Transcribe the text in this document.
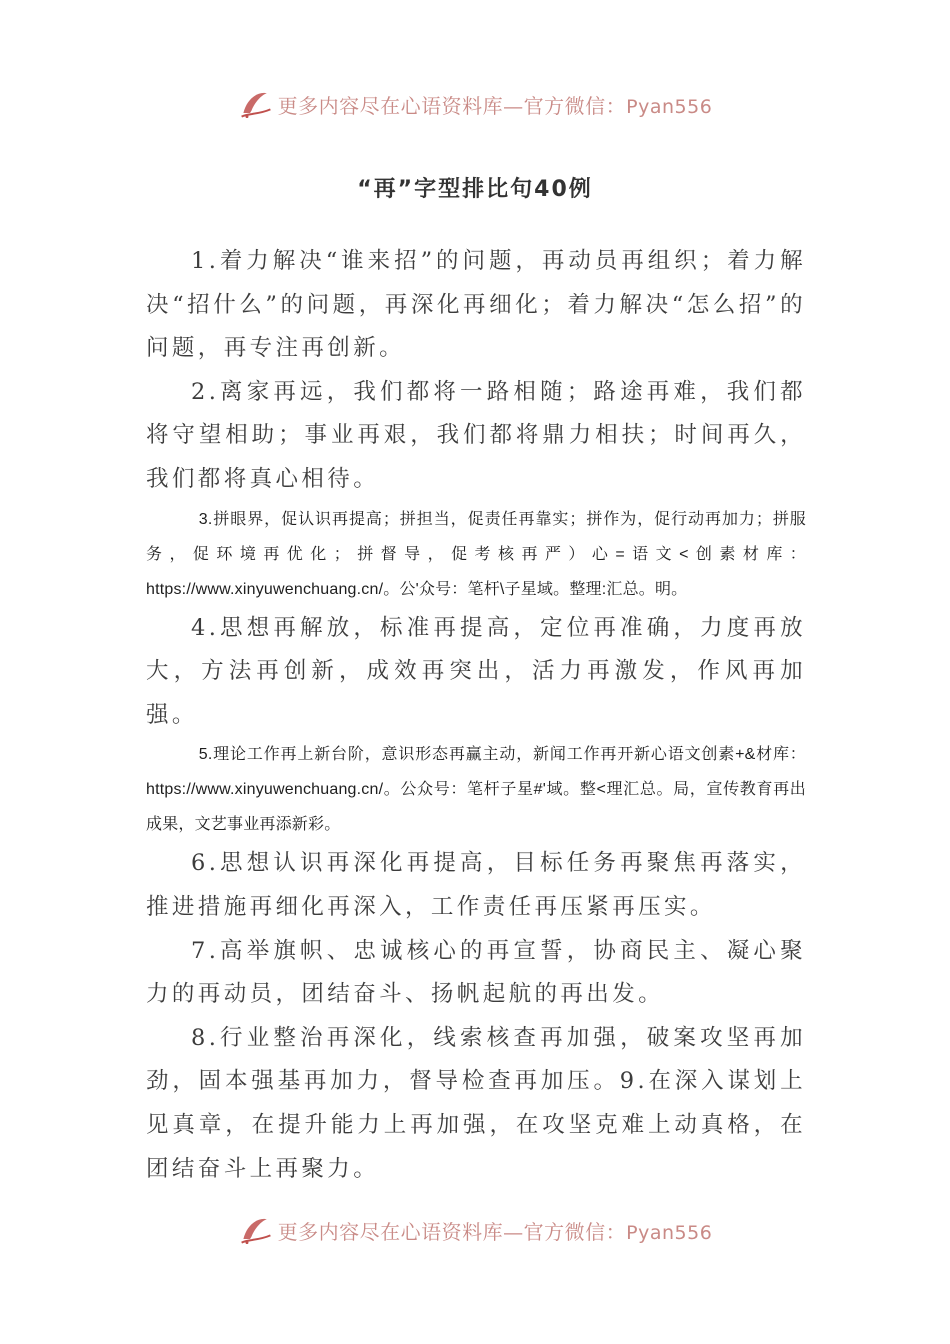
更多内容尽在心语资料库—官方微信：Pyan556
“再”字型排比句40例

1.着力解决“谁来招”的问题，再动员再组织；着力解决“招什么”的问题，再深化再细化；着力解决“怎么招”的问题，再专注再创新。

2.离家再远，我们都将一路相随；路途再难，我们都将守望相助；事业再艰，我们都将鼎力相扶；时间再久，我们都将真心相待。

3.拼眼界，促认识再提高；拼担当，促责任再靠实；拼作为，促行动再加力；拼服务，促环境再优化；拼督导，促考核再严）心=语文<创素材库：https://www.xinyuwenchuang.cn/。公'众号：笔杆\子星域。整理:汇总。明。

4.思想再解放，标准再提高，定位再准确，力度再放大，方法再创新，成效再突出，活力再激发，作风再加强。

5.理论工作再上新台阶，意识形态再赢主动，新闻工作再开新心语文创素+&材库：https://www.xinyuwenchuang.cn/。公众号：笔杆子星#'域。整<理汇总。局，宣传教育再出成果，文艺事业再添新彩。

6.思想认识再深化再提高，目标任务再聚焦再落实，推进措施再细化再深入，工作责任再压紧再压实。

7.高举旗帜、忠诚核心的再宣誓，协商民主、凝心聚力的再动员，团结奋斗、扬帆起航的再出发。

8.行业整治再深化，线索核查再加强，破案攻坚再加劲，固本强基再加力，督导检查再加压。9.在深入谋划上见真章，在提升能力上再加强，在攻坚克难上动真格，在团结奋斗上再聚力。

更多内容尽在心语资料库—官方微信：Pyan556
